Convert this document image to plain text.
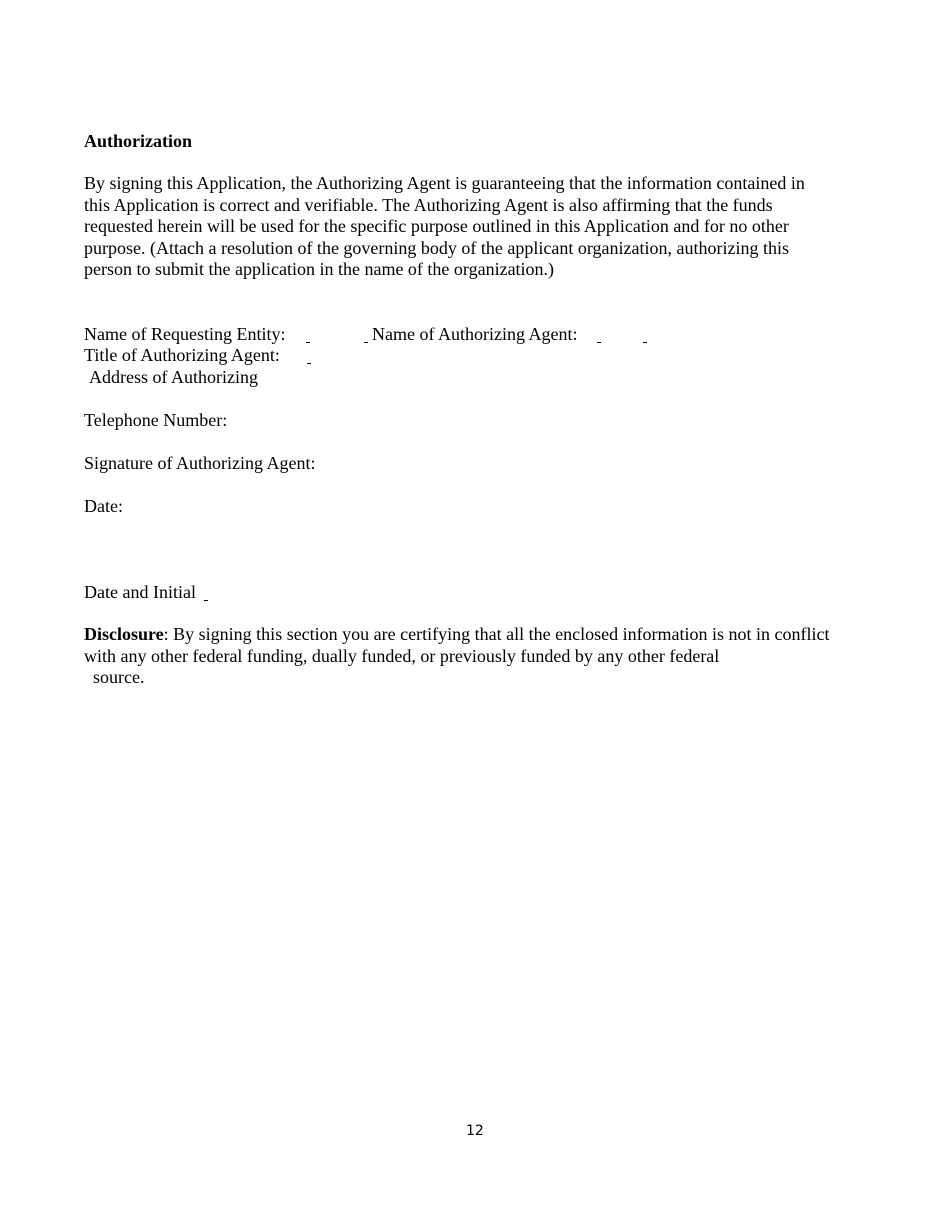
Authorization
By signing this Application, the Authorizing Agent is guaranteeing that the information contained in
this Application is correct and verifiable. The Authorizing Agent is also affirming that the funds
requested herein will be used for the specific purpose outlined in this Application and for no other
purpose. (Attach a resolution of the governing body of the applicant organization, authorizing this
person to submit the application in the name of the organization.)
Name of Requesting Entity:	Name of Authorizing Agent:
Title of Authorizing Agent:
Address of Authorizing
Telephone Number:
Signature of Authorizing Agent:
Date:
Date and Initial
Disclosure: By signing this section you are certifying that all the enclosed information is not in conflict
with any other federal funding, dually funded, or previously funded by any other federal
source.
12
